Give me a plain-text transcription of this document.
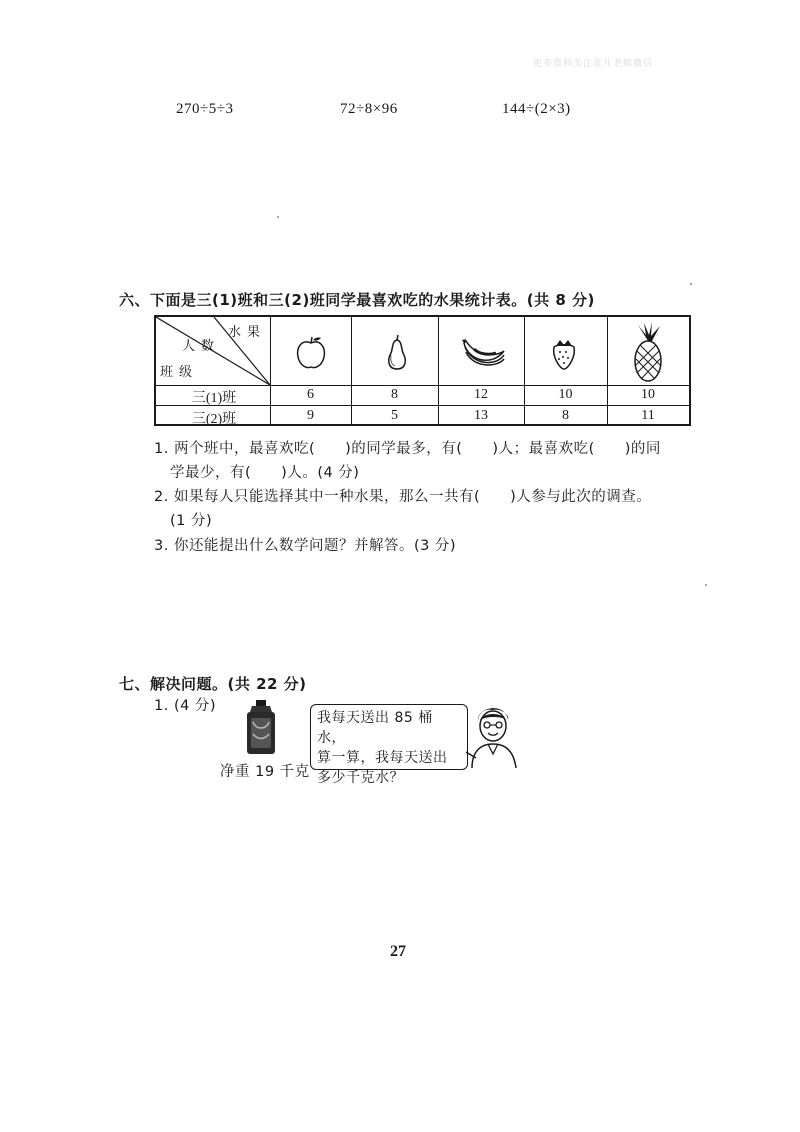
更多资料关注优儿老师微信
270÷5÷3	72÷8×96	144÷(2×3)
六、下面是三(1)班和三(2)班同学最喜欢吃的水果统计表。(共 8 分)
水果
人数
班级
三(1)班	6	8	12	10	10
三(2)班	9	5	13	8	11
1. 两个班中，最喜欢吃(　　)的同学最多，有(　　)人；最喜欢吃(　　)的同
学最少，有(　　)人。(4 分)
2. 如果每人只能选择其中一种水果，那么一共有(　　)人参与此次的调查。
(1 分)
3. 你还能提出什么数学问题？并解答。(3 分)
七、解决问题。(共 22 分)
1. (4 分)
净重 19 千克
我每天送出 85 桶水，
算一算，我每天送出
多少千克水？
27
